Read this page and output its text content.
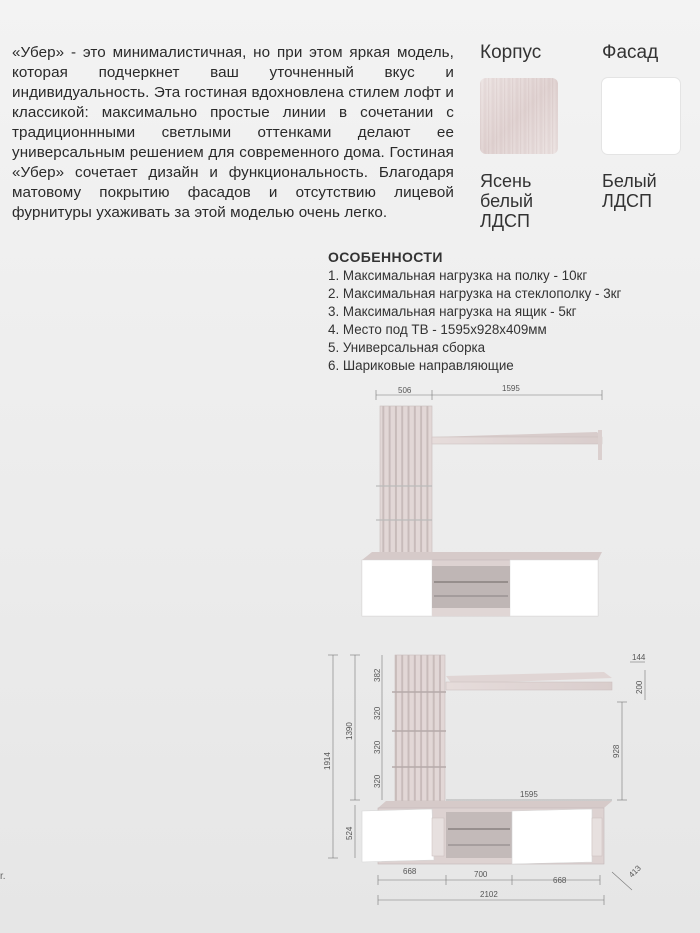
«Убер» - это минималистичная, но при этом яркая модель, которая подчеркнет ваш уточненный вкус и индивидуальность. Эта гостиная вдохновлена стилем лофт и классикой: максимально простые линии в сочетании с традиционнными светлыми оттенками делают ее универсальным решением для современного дома. Гостиная «Убер» сочетает дизайн и функциональность. Благодаря матовому покрытию фасадов и отсутствию лицевой фурнитуры ухаживать за этой моделью очень легко.
Корпус
Ясень
белый
ЛДСП
Фасад
Белый
ЛДСП
ОСОБЕННОСТИ
1. Максимальная нагрузка на полку - 10кг
2. Максимальная нагрузка на стеклополку - 3кг
3. Максимальная нагрузка на ящик - 5кг
4. Место под ТВ - 1595х928х409мм
5. Универсальная сборка
6. Шариковые направляющие
506	1595
1914
1390
524
382
320
320
320
144
200
928
1595
668	700
668
2102
413
r.
